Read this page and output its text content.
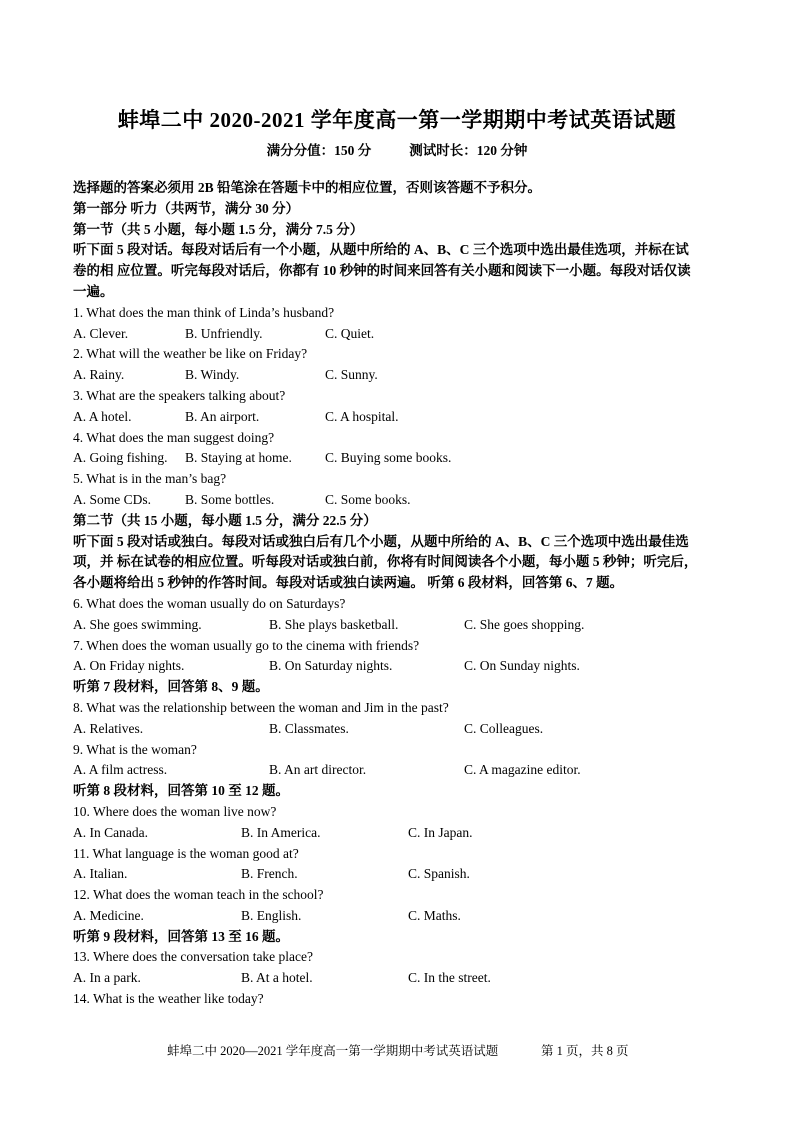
蚌埠二中 2020-2021 学年度高一第一学期期中考试英语试题
满分分值：150 分	测试时长：120 分钟
选择题的答案必须用 2B 铅笔涂在答题卡中的相应位置，否则该答题不予积分。
第一部分 听力（共两节，满分 30 分）
第一节（共 5 小题，每小题 1.5 分，满分 7.5 分）
听下面 5 段对话。每段对话后有一个小题，从题中所给的 A、B、C 三个选项中选出最佳选项，并标在试
卷的相 应位置。听完每段对话后，你都有 10 秒钟的时间来回答有关小题和阅读下一小题。每段对话仅读
一遍。
1. What does the man think of Linda’s husband?
A. Clever.	B. Unfriendly.	C. Quiet.
2. What will the weather be like on Friday?
A. Rainy.	B. Windy.	C. Sunny.
3. What are the speakers talking about?
A. A hotel.	B. An airport.	C. A hospital.
4. What does the man suggest doing?
A. Going fishing. B. Staying at home. C. Buying some books.
5. What is in the man’s bag?
A. Some CDs.	B. Some bottles.	C. Some books.
第二节（共 15 小题，每小题 1.5 分，满分 22.5 分）
听下面 5 段对话或独白。每段对话或独白后有几个小题，从题中所给的 A、B、C 三个选项中选出最佳选
项，并 标在试卷的相应位置。听每段对话或独白前，你将有时间阅读各个小题，每小题 5 秒钟；听完后，
各小题将给出 5 秒钟的作答时间。每段对话或独白读两遍。 听第 6 段材料，回答第 6、7 题。
6. What does the woman usually do on Saturdays?
A. She goes swimming.	B. She plays basketball.	C. She goes shopping.
7. When does the woman usually go to the cinema with friends?
A. On Friday nights.	B. On Saturday nights.	C. On Sunday nights.
听第 7 段材料，回答第 8、9 题。
8. What was the relationship between the woman and Jim in the past?
A. Relatives.	B. Classmates.	C. Colleagues.
9. What is the woman?
A. A film actress.	B. An art director.	C. A magazine editor.
听第 8 段材料，回答第 10 至 12 题。
10. Where does the woman live now?
A. In Canada.	B. In America.	C. In Japan.
11. What language is the woman good at?
A. Italian.	B. French.	C. Spanish.
12. What does the woman teach in the school?
A. Medicine.	B. English.	C. Maths.
听第 9 段材料，回答第 13 至 16 题。
13. Where does the conversation take place?
A. In a park.	B. At a hotel.	C. In the street.
14. What is the weather like today?
蚌埠二中 2020—2021 学年度高一第一学期期中考试英语试题	第 1 页，共 8 页
